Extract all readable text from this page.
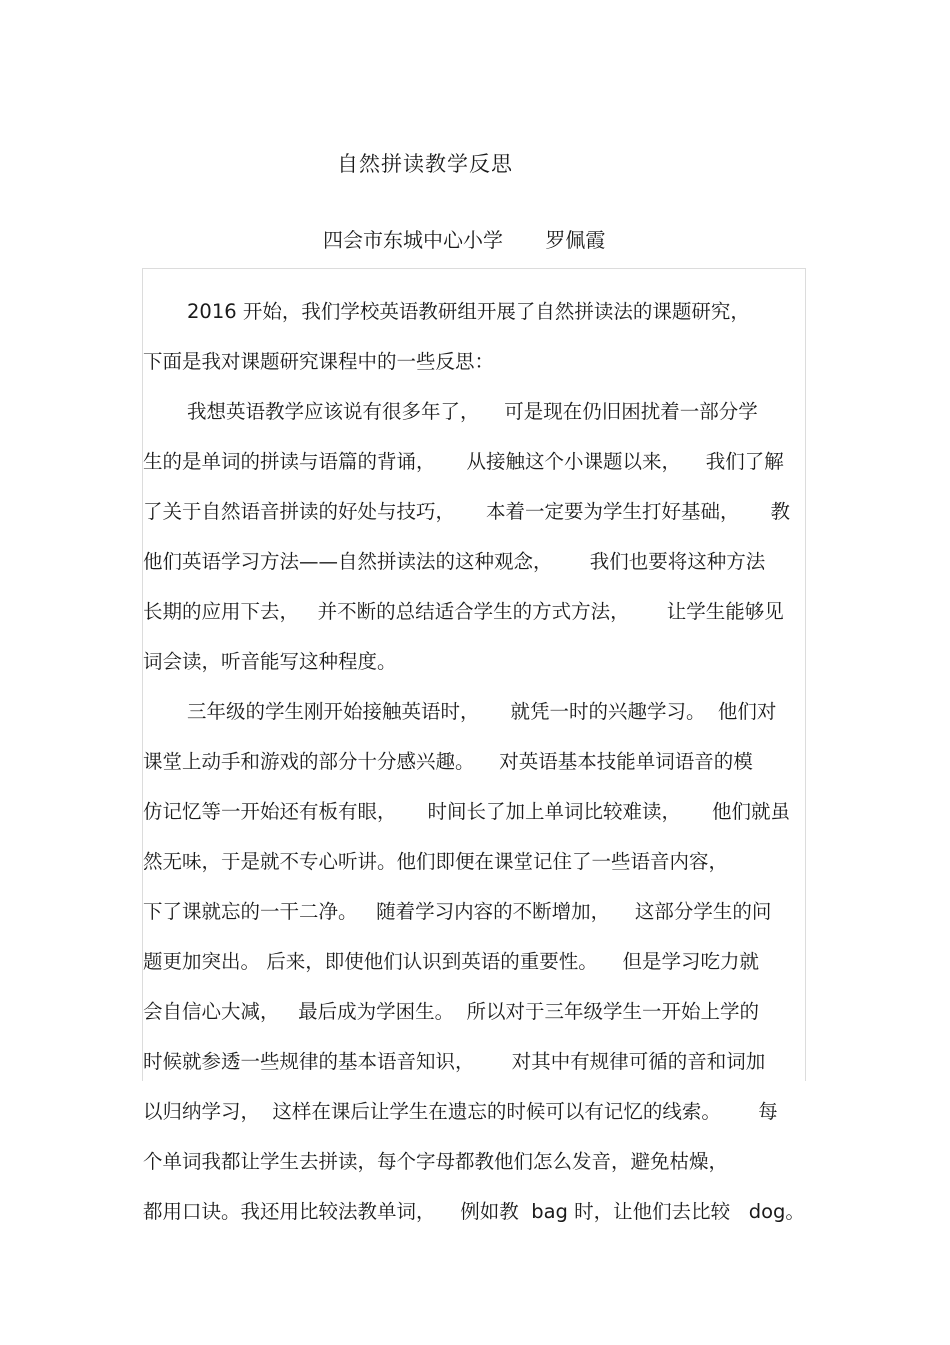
自然拼读教学反思
四会市东城中心小学 罗佩霞
2016 开始，我们学校英语教研组开展了自然拼读法的课题研究，
下面是我对课题研究课程中的一些反思：
我想英语教学应该说有很多年了，    可是现在仍旧困扰着一部分学
生的是单词的拼读与语篇的背诵，     从接触这个小课题以来，    我们了解
了关于自然语音拼读的好处与技巧，     本着一定要为学生打好基础，     教
他们英语学习方法——自然拼读法的这种观念，      我们也要将这种方法
长期的应用下去，   并不断的总结适合学生的方式方法，      让学生能够见
词会读，听音能写这种程度。
三年级的学生刚开始接触英语时，     就凭一时的兴趣学习。  他们对
课堂上动手和游戏的部分十分感兴趣。    对英语基本技能单词语音的模
仿记忆等一开始还有板有眼，     时间长了加上单词比较难读，     他们就虽
然无味，于是就不专心听讲。他们即便在课堂记住了一些语音内容，
下了课就忘的一干二净。   随着学习内容的不断增加，    这部分学生的问
题更加突出。 后来，即使他们认识到英语的重要性。    但是学习吃力就
会自信心大减，   最后成为学困生。  所以对于三年级学生一开始上学的
时候就参透一些规律的基本语音知识，      对其中有规律可循的音和词加
以归纳学习，  这样在课后让学生在遗忘的时候可以有记忆的线索。      每
个单词我都让学生去拼读，每个字母都教他们怎么发音，避免枯燥，
都用口诀。我还用比较法教单词，    例如教  bag 时，让他们去比较   dog。
